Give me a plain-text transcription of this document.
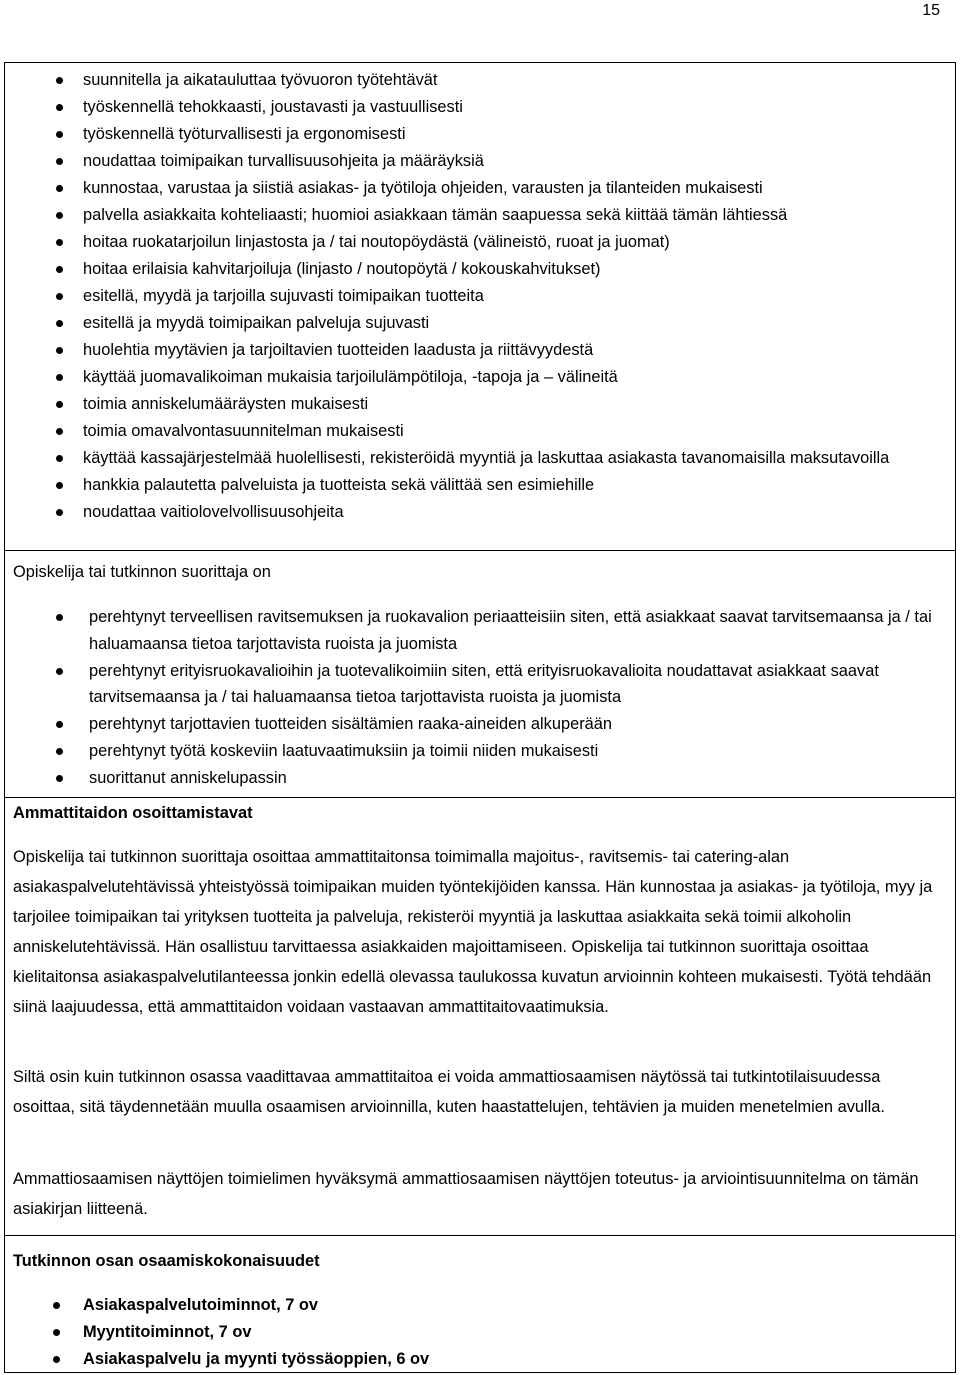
15
suunnitella ja aikatauluttaa työvuoron työtehtävät
työskennellä tehokkaasti, joustavasti ja vastuullisesti
työskennellä työturvallisesti ja ergonomisesti
noudattaa toimipaikan turvallisuusohjeita ja määräyksiä
kunnostaa, varustaa ja siistiä asiakas- ja työtiloja ohjeiden, varausten ja tilanteiden mukaisesti
palvella asiakkaita kohteliaasti; huomioi asiakkaan tämän saapuessa sekä kiittää tämän lähtiessä
hoitaa ruokatarjoilun linjastosta ja / tai noutopöydästä (välineistö, ruoat ja juomat)
hoitaa erilaisia kahvitarjoiluja (linjasto / noutopöytä / kokouskahvitukset)
esitellä, myydä ja tarjoilla sujuvasti toimipaikan tuotteita
esitellä ja myydä toimipaikan palveluja sujuvasti
huolehtia myytävien ja tarjoiltavien tuotteiden laadusta ja riittävyydestä
käyttää juomavalikoiman mukaisia tarjoilulämpötiloja, -tapoja ja – välineitä
toimia anniskelumääräysten mukaisesti
toimia omavalvontasuunnitelman mukaisesti
käyttää kassajärjestelmää huolellisesti, rekisteröidä myyntiä ja laskuttaa asiakasta tavanomaisilla maksutavoilla
hankkia palautetta palveluista ja tuotteista sekä välittää sen esimiehille
noudattaa vaitiolovelvollisuusohjeita
Opiskelija tai tutkinnon suorittaja on
perehtynyt terveellisen ravitsemuksen ja ruokavalion periaatteisiin siten, että asiakkaat saavat tarvitsemaansa ja / tai haluamaansa tietoa tarjottavista ruoista ja juomista
perehtynyt erityisruokavalioihin ja tuotevalikoimiin siten, että erityisruokavalioita noudattavat asiakkaat saavat tarvitsemaansa ja / tai haluamaansa tietoa tarjottavista ruoista ja juomista
perehtynyt tarjottavien tuotteiden sisältämien raaka-aineiden alkuperään
perehtynyt työtä koskeviin laatuvaatimuksiin ja toimii niiden mukaisesti
suorittanut anniskelupassin
Ammattitaidon osoittamistavat
Opiskelija tai tutkinnon suorittaja osoittaa ammattitaitonsa toimimalla majoitus-, ravitsemis- tai catering-alan asiakaspalvelutehtävissä yhteistyössä toimipaikan muiden työntekijöiden kanssa. Hän kunnostaa ja asiakas- ja työtiloja, myy ja tarjoilee toimipaikan tai yrityksen tuotteita ja palveluja, rekisteröi myyntiä ja laskuttaa asiakkaita sekä toimii alkoholin anniskelutehtävissä. Hän osallistuu tarvittaessa asiakkaiden majoittamiseen. Opiskelija tai tutkinnon suorittaja osoittaa kielitaitonsa asiakaspalvelutilanteessa jonkin edellä olevassa taulukossa kuvatun arvioinnin kohteen mukaisesti. Työtä tehdään siinä laajuudessa, että ammattitaidon voidaan vastaavan ammattitaitovaatimuksia.
Siltä osin kuin tutkinnon osassa vaadittavaa ammattitaitoa ei voida ammattiosaamisen näytössä tai tutkintotilaisuudessa osoittaa, sitä täydennetään muulla osaamisen arvioinnilla, kuten haastattelujen, tehtävien ja muiden menetelmien avulla.
Ammattiosaamisen näyttöjen toimielimen hyväksymä ammattiosaamisen näyttöjen toteutus- ja arviointisuunnitelma on tämän asiakirjan liitteenä.
Tutkinnon osan osaamiskokonaisuudet
Asiakaspalvelutoiminnot, 7 ov
Myyntitoiminnot, 7 ov
Asiakaspalvelu ja myynti työssäoppien, 6 ov
